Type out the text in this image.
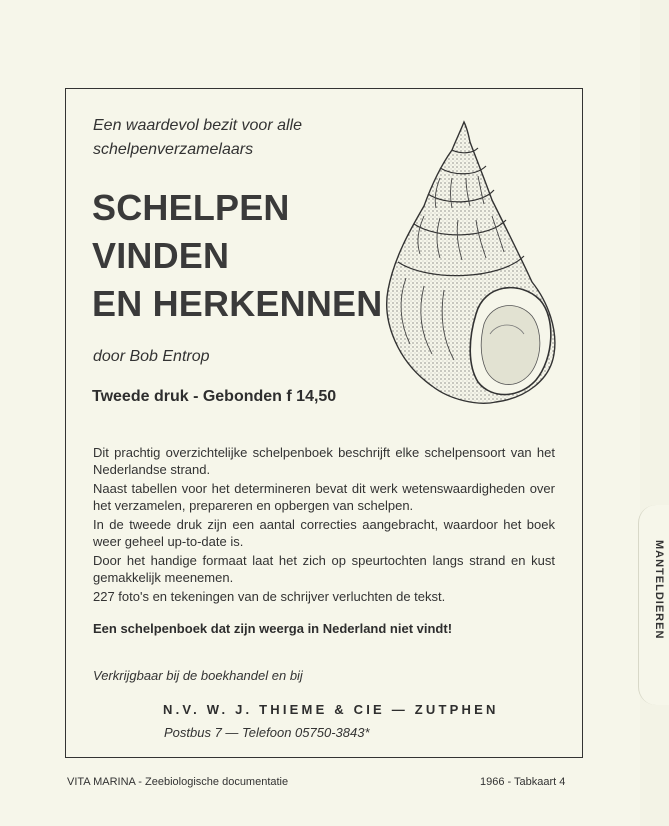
MANTELDIEREN
Een waardevol bezit voor alle schelpenverzamelaars
SCHELPEN
VINDEN
EN HERKENNEN
door Bob Entrop
Tweede druk - Gebonden f 14,50

Dit prachtig overzichtelijke schelpenboek beschrijft elke schelpensoort van het Nederlandse strand.

Naast tabellen voor het determineren bevat dit werk wetenswaardigheden over het verzamelen, prepareren en opbergen van schelpen.

In de tweede druk zijn een aantal correcties aangebracht, waardoor het boek weer geheel up-to-date is.

Door het handige formaat laat het zich op speurtochten langs strand en kust gemakkelijk meenemen.

227 foto's en tekeningen van de schrijver verluchten de tekst.

Een schelpenboek dat zijn weerga in Nederland niet vindt!
Verkrijgbaar bij de boekhandel en bij
N.V. W. J. THIEME & CIE — ZUTPHEN
Postbus 7 — Telefoon 05750-3843*
VITA MARINA - Zeebiologische documentatie	1966 - Tabkaart 4
